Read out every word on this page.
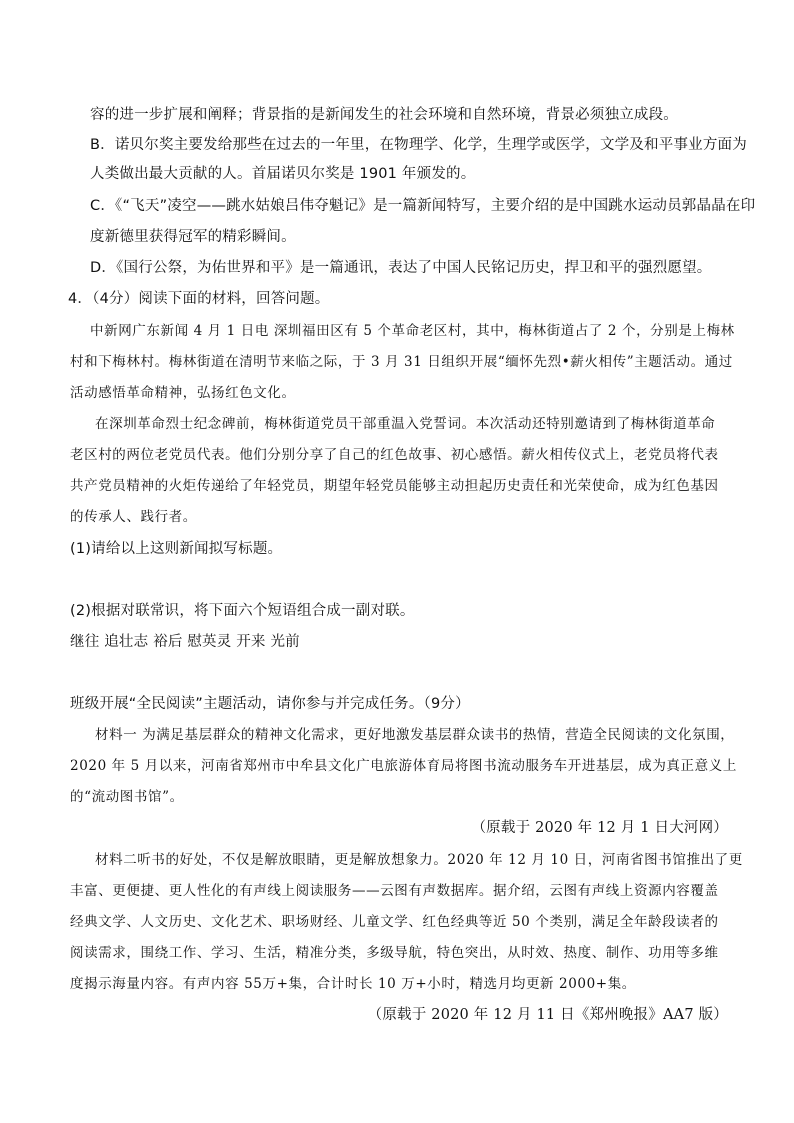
容的进一步扩展和阐释；背景指的是新闻发生的社会环境和自然环境，背景必须独立成段。
B．诺贝尔奖主要发给那些在过去的一年里，在物理学、化学，生理学或医学，文学及和平事业方面为
人类做出最大贡献的人。首届诺贝尔奖是 1901 年颁发的。
C．《“飞天”凌空——跳水姑娘吕伟夺魁记》是一篇新闻特写，主要介绍的是中国跳水运动员郭晶晶在印
度新德里获得冠军的精彩瞬间。
D．《国行公祭，为佑世界和平》是一篇通讯，表达了中国人民铭记历史，捍卫和平的强烈愿望。
4．（4分）阅读下面的材料，回答问题。
中新网广东新闻 4 月 1 日电 深圳福田区有 5 个革命老区村，其中，梅林街道占了 2 个，分别是上梅林
村和下梅林村。梅林街道在清明节来临之际，于 3 月 31 日组织开展“缅怀先烈•薪火相传”主题活动。通过
活动感悟革命精神，弘扬红色文化。
在深圳革命烈士纪念碑前，梅林街道党员干部重温入党誓词。本次活动还特别邀请到了梅林街道革命
老区村的两位老党员代表。他们分别分享了自己的红色故事、初心感悟。薪火相传仪式上，老党员将代表
共产党员精神的火炬传递给了年轻党员，期望年轻党员能够主动担起历史责任和光荣使命，成为红色基因
的传承人、践行者。
(1)请给以上这则新闻拟写标题。
(2)根据对联常识，将下面六个短语组合成一副对联。
继往 追壮志 裕后 慰英灵 开来 光前
班级开展“全民阅读”主题活动，请你参与并完成任务。（9分）
材料一 为满足基层群众的精神文化需求，更好地激发基层群众读书的热情，营造全民阅读的文化氛围，
2020 年 5 月以来，河南省郑州市中牟县文化广电旅游体育局将图书流动服务车开进基层，成为真正意义上
的“流动图书馆”。
（原载于 2020 年 12 月 1 日大河网）
材料二听书的好处，不仅是解放眼睛，更是解放想象力。2020 年 12 月 10 日，河南省图书馆推出了更
丰富、更便捷、更人性化的有声线上阅读服务——云图有声数据库。据介绍，云图有声线上资源内容覆盖
经典文学、人文历史、文化艺术、职场财经、儿童文学、红色经典等近 50 个类别，满足全年龄段读者的
阅读需求，围绕工作、学习、生活，精准分类，多级导航，特色突出，从时效、热度、制作、功用等多维
度揭示海量内容。有声内容 55万+集，合计时长 10 万+小时，精选月均更新 2000+集。
（原载于 2020 年 12 月 11 日《郑州晚报》AA7 版）
